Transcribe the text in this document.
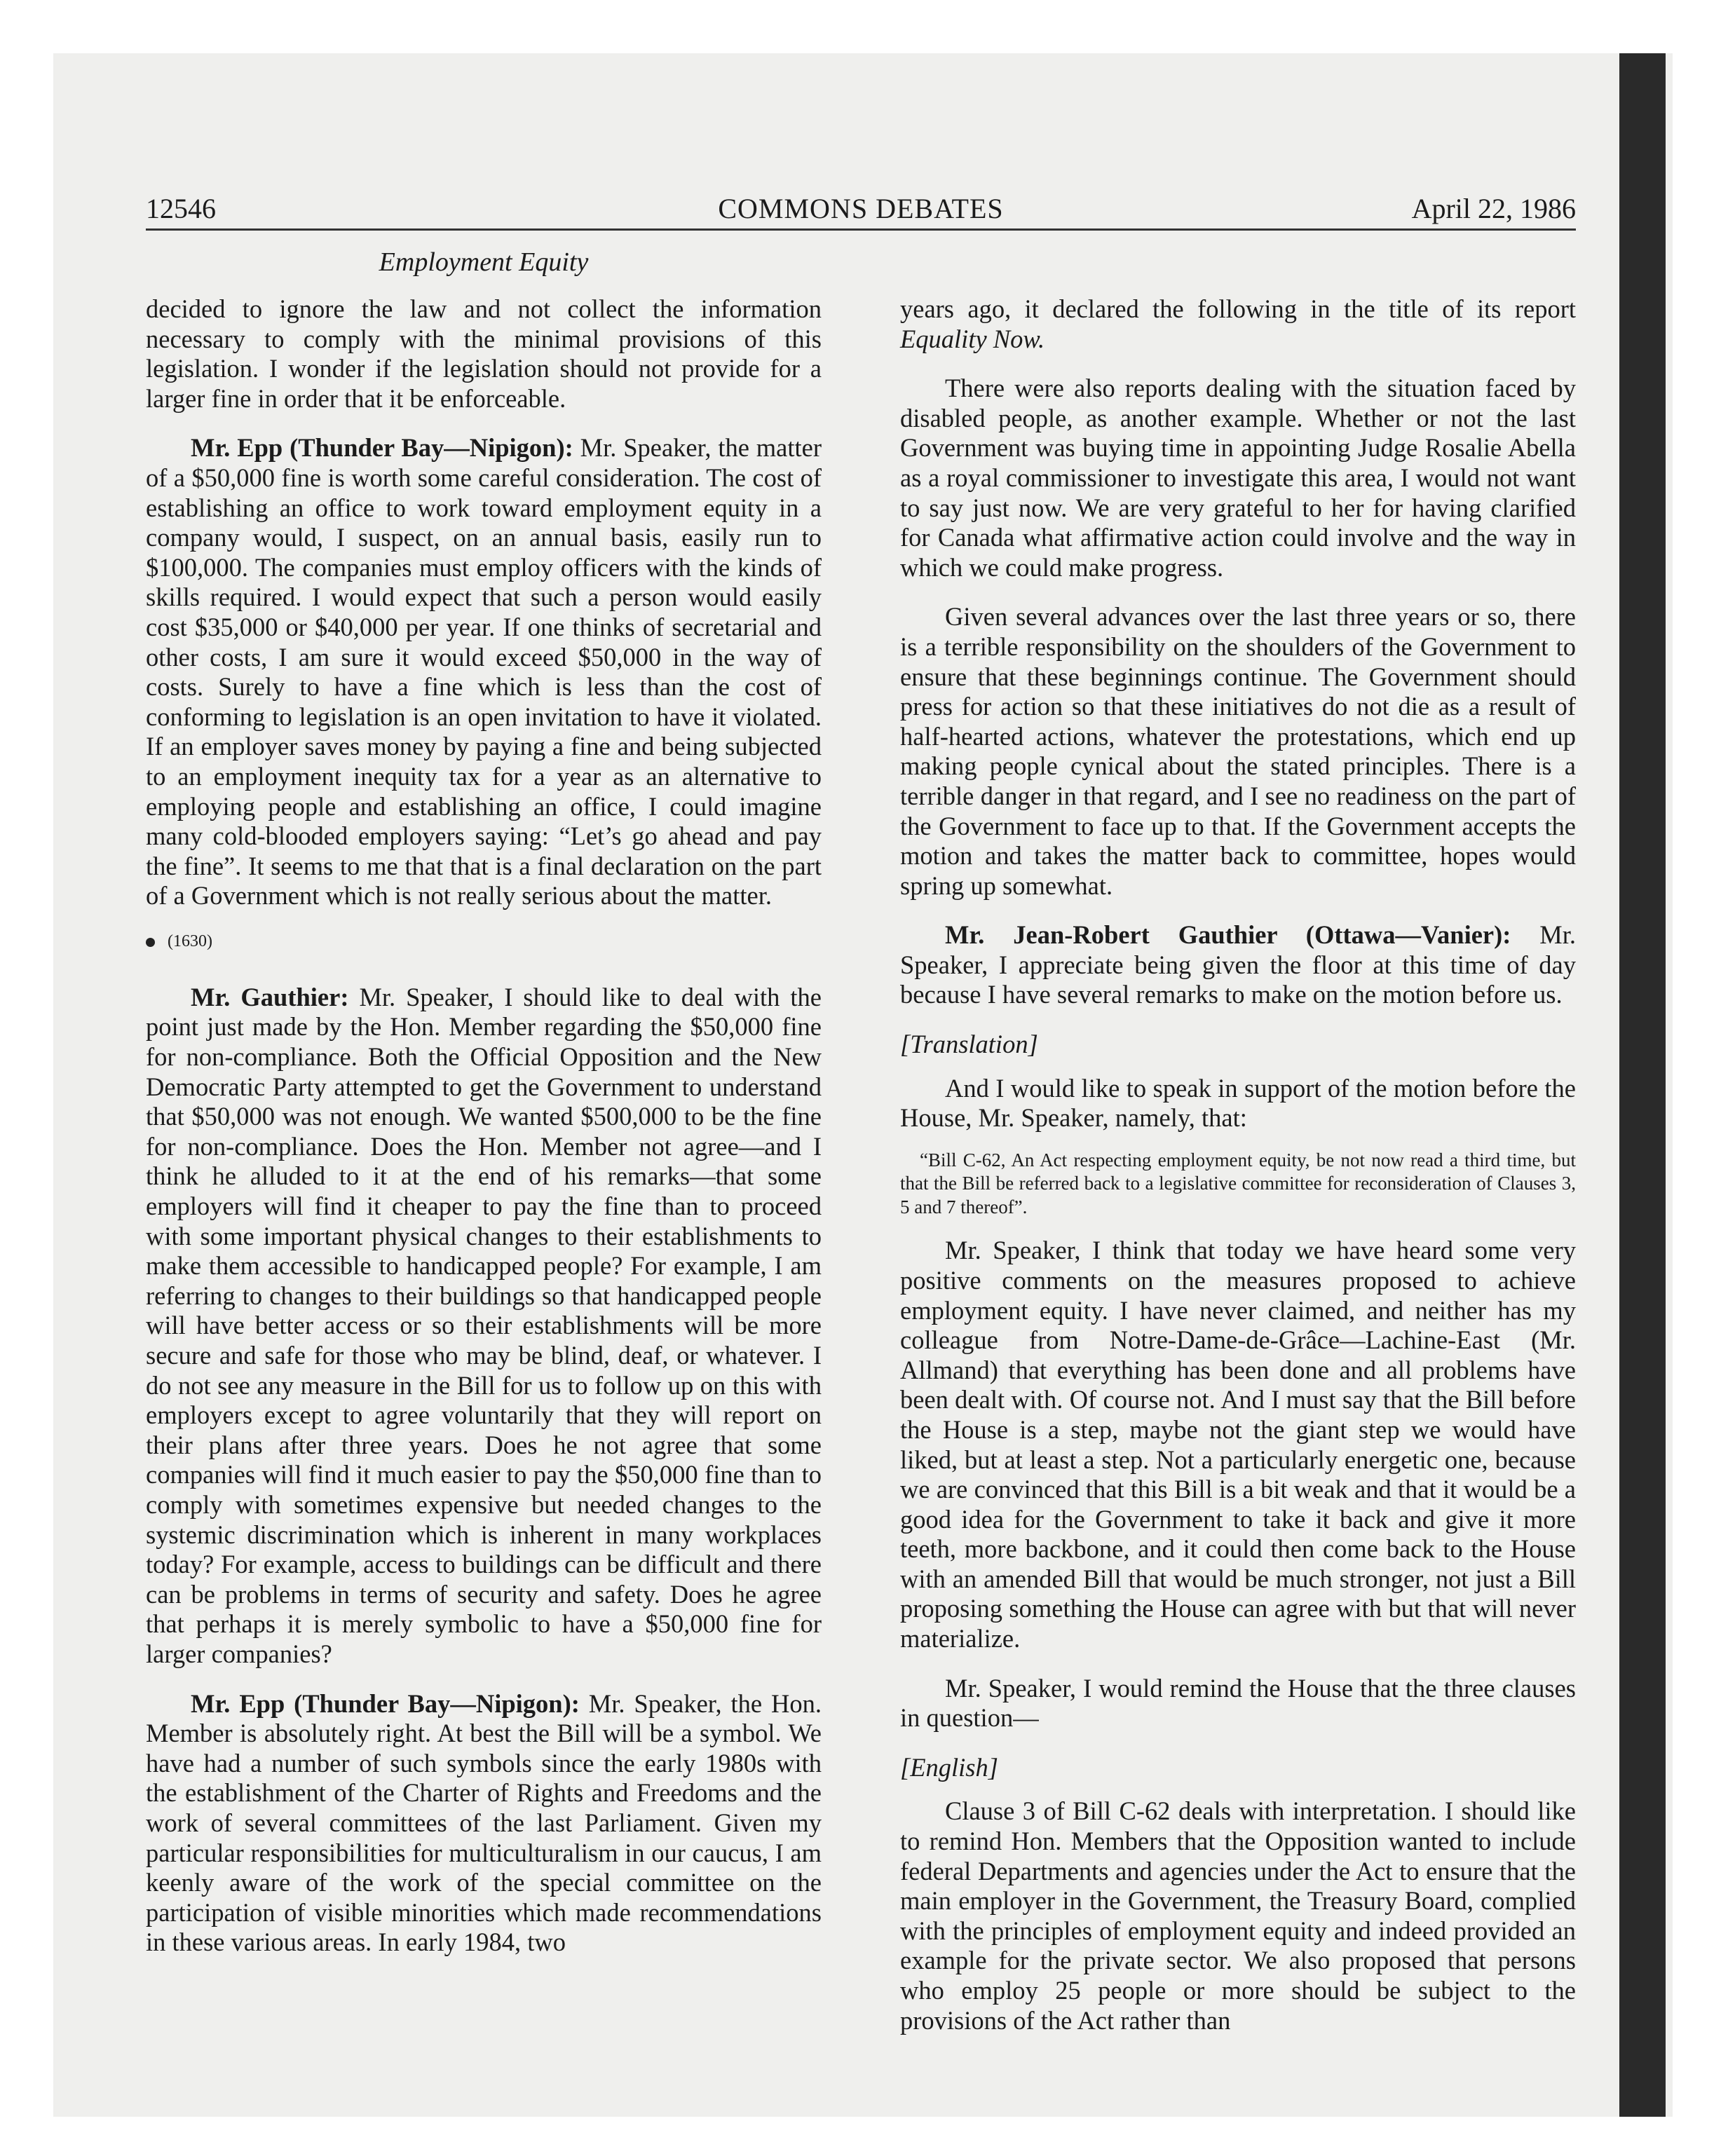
12546	COMMONS DEBATES	April 22, 1986
Employment Equity

decided to ignore the law and not collect the information necessary to comply with the minimal provisions of this legislation. I wonder if the legislation should not provide for a larger fine in order that it be enforceable.

Mr. Epp (Thunder Bay—Nipigon): Mr. Speaker, the matter of a $50,000 fine is worth some careful consideration. The cost of establishing an office to work toward employment equity in a company would, I suspect, on an annual basis, easily run to $100,000. The companies must employ officers with the kinds of skills required. I would expect that such a person would easily cost $35,000 or $40,000 per year. If one thinks of secretarial and other costs, I am sure it would exceed $50,000 in the way of costs. Surely to have a fine which is less than the cost of conforming to legislation is an open invitation to have it violated. If an employer saves money by paying a fine and being subjected to an employment inequity tax for a year as an alternative to employing people and establishing an office, I could imagine many cold-blooded employers saying: “Let’s go ahead and pay the fine”. It seems to me that that is a final declaration on the part of a Government which is not really serious about the matter.

(1630)

Mr. Gauthier: Mr. Speaker, I should like to deal with the point just made by the Hon. Member regarding the $50,000 fine for non-compliance. Both the Official Opposition and the New Democratic Party attempted to get the Government to understand that $50,000 was not enough. We wanted $500,000 to be the fine for non-compliance. Does the Hon. Member not agree—and I think he alluded to it at the end of his remarks—that some employers will find it cheaper to pay the fine than to proceed with some important physical changes to their establishments to make them accessible to handicapped people? For example, I am referring to changes to their buildings so that handicapped people will have better access or so their establishments will be more secure and safe for those who may be blind, deaf, or whatever. I do not see any measure in the Bill for us to follow up on this with employers except to agree voluntarily that they will report on their plans after three years. Does he not agree that some companies will find it much easier to pay the $50,000 fine than to comply with sometimes expensive but needed changes to the systemic discrimination which is inherent in many workplaces today? For example, access to buildings can be difficult and there can be problems in terms of security and safety. Does he agree that perhaps it is merely symbolic to have a $50,000 fine for larger companies?

Mr. Epp (Thunder Bay—Nipigon): Mr. Speaker, the Hon. Member is absolutely right. At best the Bill will be a symbol. We have had a number of such symbols since the early 1980s with the establishment of the Charter of Rights and Freedoms and the work of several committees of the last Parliament. Given my particular responsibilities for multiculturalism in our caucus, I am keenly aware of the work of the special committee on the participation of visible minorities which made recommendations in these various areas. In early 1984, two

years ago, it declared the following in the title of its report Equality Now.

There were also reports dealing with the situation faced by disabled people, as another example. Whether or not the last Government was buying time in appointing Judge Rosalie Abella as a royal commissioner to investigate this area, I would not want to say just now. We are very grateful to her for having clarified for Canada what affirmative action could involve and the way in which we could make progress.

Given several advances over the last three years or so, there is a terrible responsibility on the shoulders of the Government to ensure that these beginnings continue. The Government should press for action so that these initiatives do not die as a result of half-hearted actions, whatever the protestations, which end up making people cynical about the stated principles. There is a terrible danger in that regard, and I see no readiness on the part of the Government to face up to that. If the Government accepts the motion and takes the matter back to committee, hopes would spring up somewhat.

Mr. Jean-Robert Gauthier (Ottawa—Vanier): Mr. Speaker, I appreciate being given the floor at this time of day because I have several remarks to make on the motion before us.

[Translation]

And I would like to speak in support of the motion before the House, Mr. Speaker, namely, that:

“Bill C-62, An Act respecting employment equity, be not now read a third time, but that the Bill be referred back to a legislative committee for reconsideration of Clauses 3, 5 and 7 thereof”.

Mr. Speaker, I think that today we have heard some very positive comments on the measures proposed to achieve employment equity. I have never claimed, and neither has my colleague from Notre-Dame-de-Grâce—Lachine-East (Mr. Allmand) that everything has been done and all problems have been dealt with. Of course not. And I must say that the Bill before the House is a step, maybe not the giant step we would have liked, but at least a step. Not a particularly energetic one, because we are convinced that this Bill is a bit weak and that it would be a good idea for the Government to take it back and give it more teeth, more backbone, and it could then come back to the House with an amended Bill that would be much stronger, not just a Bill proposing something the House can agree with but that will never materialize.

Mr. Speaker, I would remind the House that the three clauses in question—

[English]

Clause 3 of Bill C-62 deals with interpretation. I should like to remind Hon. Members that the Opposition wanted to include federal Departments and agencies under the Act to ensure that the main employer in the Government, the Treasury Board, complied with the principles of employment equity and indeed provided an example for the private sector. We also proposed that persons who employ 25 people or more should be subject to the provisions of the Act rather than
